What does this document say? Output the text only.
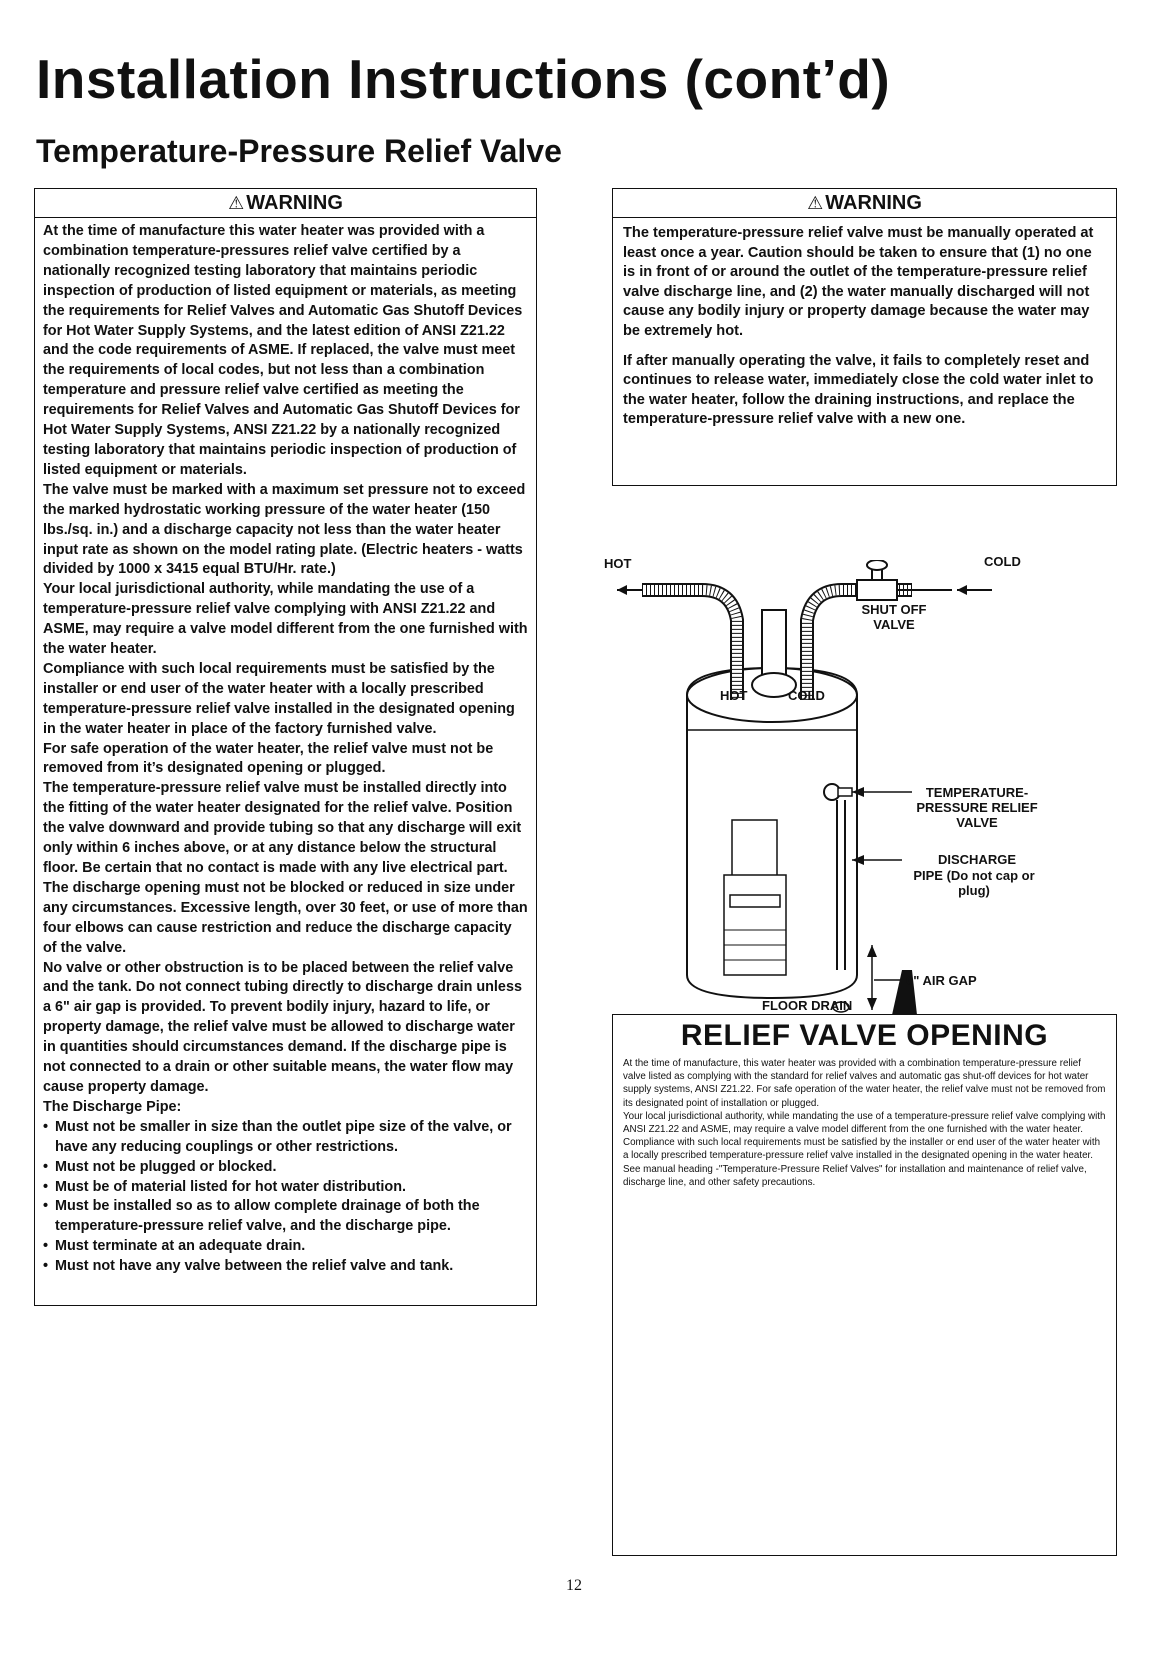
Installation Instructions (cont’d)
Temperature-Pressure Relief Valve
⚠ WARNING

At the time of manufacture this water heater was provided with a combination temperature-pressures relief valve certified by a nationally recognized testing laboratory that maintains periodic inspection of production of listed equipment or materials, as meeting the requirements for Relief Valves and Automatic Gas Shutoff Devices for Hot Water Supply Systems, and the latest edition of ANSI Z21.22 and the code requirements of ASME. If replaced, the valve must meet the requirements of local codes, but not less than a combination temperature and pressure relief valve certified as meeting the requirements for Relief Valves and Automatic Gas Shutoff Devices for Hot Water Supply Systems, ANSI Z21.22 by a nationally recognized testing laboratory that maintains periodic inspection of production of listed equipment or materials.

The valve must be marked with a maximum set pressure not to exceed the marked hydrostatic working pressure of the water heater (150 lbs./sq. in.) and a discharge capacity not less than the water heater input rate as shown on the model rating plate. (Electric heaters - watts divided by 1000 x 3415 equal BTU/Hr. rate.)

Your local jurisdictional authority, while mandating the use of a temperature-pressure relief valve complying with ANSI Z21.22 and ASME, may require a valve model different from the one furnished with the water heater.

Compliance with such local requirements must be satisfied by the installer or end user of the water heater with a locally prescribed temperature-pressure relief valve installed in the designated opening in the water heater in place of the factory furnished valve.

For safe operation of the water heater, the relief valve must not be removed from it’s designated opening or plugged.

The temperature-pressure relief valve must be installed directly into the fitting of the water heater designated for the relief valve. Position the valve downward and provide tubing so that any discharge will exit only within 6 inches above, or at any distance below the structural floor. Be certain that no contact is made with any live electrical part. The discharge opening must not be blocked or reduced in size under any circumstances. Excessive length, over 30 feet, or use of more than four elbows can cause restriction and reduce the discharge capacity of the valve.

No valve or other obstruction is to be placed between the relief valve and the tank. Do not connect tubing directly to discharge drain unless a 6" air gap is provided. To prevent bodily injury, hazard to life, or property damage, the relief valve must be allowed to discharge water in quantities should circumstances demand. If the discharge pipe is not connected to a drain or other suitable means, the water flow may cause property damage.

The Discharge Pipe:

• Must not be smaller in size than the outlet pipe size of the valve, or have any reducing couplings or other restrictions.
• Must not be plugged or blocked.
• Must be of material listed for hot water distribution.
• Must be installed so as to allow complete drainage of both the temperature-pressure relief valve, and the discharge pipe.
• Must terminate at an adequate drain.
• Must not have any valve between the relief valve and tank.
⚠ WARNING

The temperature-pressure relief valve must be manually operated at least once a year. Caution should be taken to ensure that (1) no one is in front of or around the outlet of the temperature-pressure relief valve discharge line, and (2) the water manually discharged will not cause any bodily injury or property damage because the water may be extremely hot.

If after manually operating the valve, it fails to completely reset and continues to release water, immediately close the cold water inlet to the water heater, follow the draining instructions, and replace the temperature-pressure relief valve with a new one.

HOT	COLD
SHUT OFF VALVE
HOT	COLD
TEMPERATURE-PRESSURE RELIEF VALVE
DISCHARGE
PIPE (Do not cap or plug)
6" AIR GAP
FLOOR DRAIN
RELIEF VALVE OPENING

At the time of manufacture, this water heater was provided with a combination temperature-pressure relief valve listed as complying with the standard for relief valves and automatic gas shut-off devices for hot water supply systems, ANSI Z21.22. For safe operation of the water heater, the relief valve must not be removed from its designated point of installation or plugged.

Your local jurisdictional authority, while mandating the use of a temperature-pressure relief valve complying with ANSI Z21.22 and ASME, may require a valve model different from the one furnished with the water heater.

Compliance with such local requirements must be satisfied by the installer or end user of the water heater with a locally prescribed temperature-pressure relief valve installed in the designated opening in the water heater.

See manual heading -"Temperature-Pressure Relief Valves" for installation and maintenance of relief valve, discharge line, and other safety precautions.

12
